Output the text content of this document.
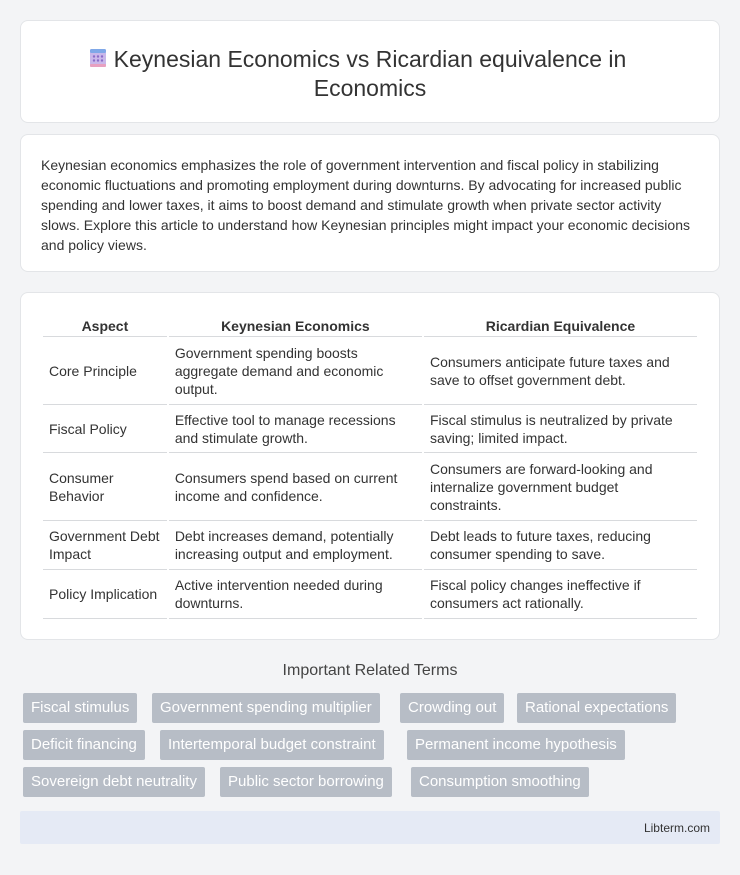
Keynesian Economics vs Ricardian equivalence in Economics

Keynesian economics emphasizes the role of government intervention and fiscal policy in stabilizing economic fluctuations and promoting employment during downturns. By advocating for increased public spending and lower taxes, it aims to boost demand and stimulate growth when private sector activity slows. Explore this article to understand how Keynesian principles might impact your economic decisions and policy views.

Aspect	Keynesian Economics	Ricardian Equivalence
Core Principle	Government spending boosts aggregate demand and economic output.	Consumers anticipate future taxes and save to offset government debt.
Fiscal Policy	Effective tool to manage recessions and stimulate growth.	Fiscal stimulus is neutralized by private saving; limited impact.
Consumer Behavior	Consumers spend based on current income and confidence.	Consumers are forward-looking and internalize government budget constraints.
Government Debt Impact	Debt increases demand, potentially increasing output and employment.	Debt leads to future taxes, reducing consumer spending to save.
Policy Implication	Active intervention needed during downturns.	Fiscal policy changes ineffective if consumers act rationally.
Important Related Terms
Fiscal stimulus	Government spending multiplier	Crowding out	Rational expectations
Deficit financing	Intertemporal budget constraint	Permanent income hypothesis
Sovereign debt neutrality	Public sector borrowing	Consumption smoothing
Libterm.com
